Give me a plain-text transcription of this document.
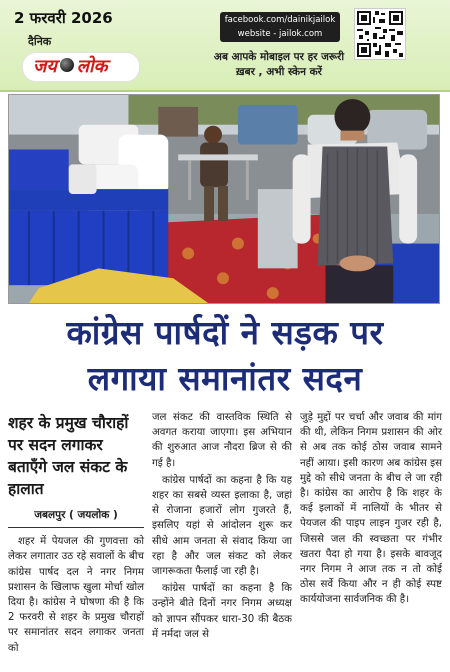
2 फरवरी 2026
दैनिक
जय लोक
facebook.com/dainikjailok
website - jailok.com
अब आपके मोबाइल पर हर जरूरी ख़बर , अभी स्केन करें
कांग्रेस पार्षदों ने सड़क पर
लगाया समानांतर सदन
शहर के प्रमुख चौराहों पर सदन लगाकर बताएँगे जल संकट के हालात
जबलपुर ( जयलोक )

शहर में पेयजल की गुणवत्ता को लेकर लगातार उठ रहे सवालों के बीच कांग्रेस पार्षद दल ने नगर निगम प्रशासन के खिलाफ खुला मोर्चा खोल दिया है। कांग्रेस ने घोषणा की है कि 2 फरवरी से शहर के प्रमुख चौराहों पर समानांतर सदन लगाकर जनता को

जल संकट की वास्तविक स्थिति से अवगत कराया जाएगा। इस अभियान की शुरुआत आज नौदरा ब्रिज से की गई है।

कांग्रेस पार्षदों का कहना है कि यह शहर का सबसे व्यस्त इलाका है, जहां से रोजाना हजारों लोग गुजरते हैं, इसलिए यहां से आंदोलन शुरू कर सीधे आम जनता से संवाद किया जा रहा है और जल संकट को लेकर जागरूकता फैलाई जा रही है।

कांग्रेस पार्षदों का कहना है कि उन्होंने बीते दिनों नगर निगम अध्यक्ष को ज्ञापन सौंपकर धारा-30 की बैठक में नर्मदा जल से

जुड़े मुद्दों पर चर्चा और जवाब की मांग की थी, लेकिन निगम प्रशासन की ओर से अब तक कोई ठोस जवाब सामने नहीं आया। इसी कारण अब कांग्रेस इस मुद्दे को सीधे जनता के बीच ले जा रही है। कांग्रेस का आरोप है कि शहर के कई इलाकों में नालियों के भीतर से पेयजल की पाइप लाइन गुजर रही है, जिससे जल की स्वच्छता पर गंभीर खतरा पैदा हो गया है। इसके बावजूद नगर निगम ने आज तक न तो कोई ठोस सर्वे किया और न ही कोई स्पष्ट कार्ययोजना सार्वजनिक की है।
